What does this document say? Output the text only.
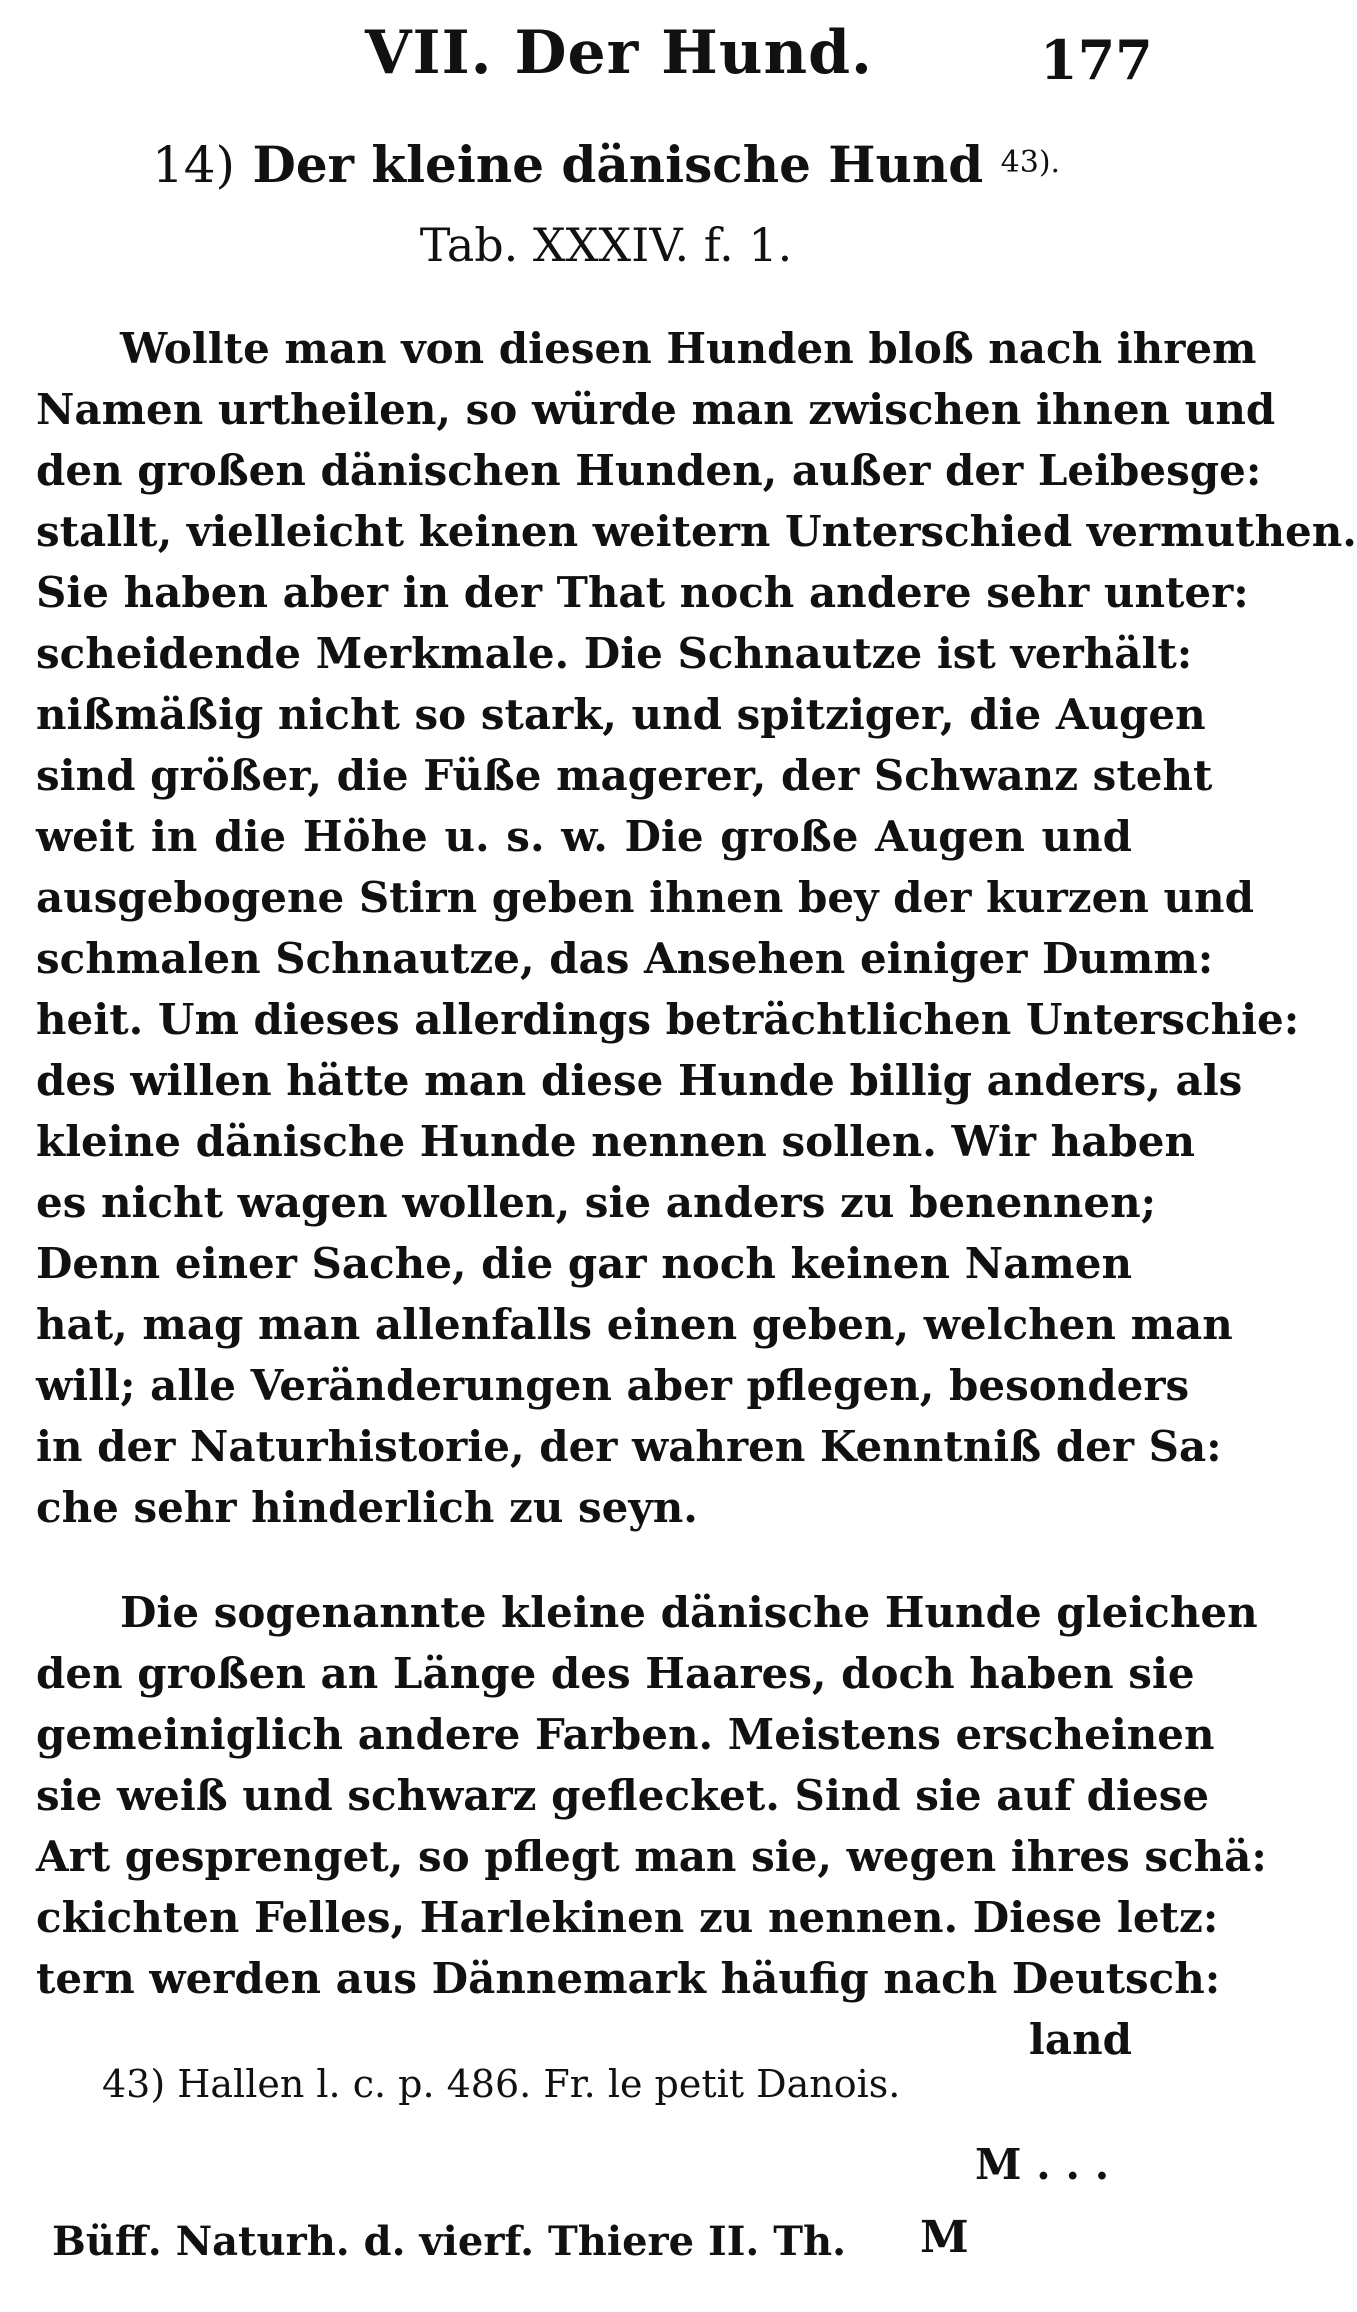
VII. Der Hund.	177
14) Der kleine dänische Hund $^{43).}$
Tab. XXXIV. f. 1.
Wollte man von diesen Hunden bloß nach ihrem
Namen urtheilen, so würde man zwischen ihnen und
den großen dänischen Hunden, außer der Leibesge:
stallt, vielleicht keinen weitern Unterschied vermuthen.
Sie haben aber in der That noch andere sehr unter:
scheidende Merkmale. Die Schnautze ist verhält:
nißmäßig nicht so stark, und spitziger, die Augen
sind größer, die Füße magerer, der Schwanz steht
weit in die Höhe u. s. w. Die große Augen und
ausgebogene Stirn geben ihnen bey der kurzen und
schmalen Schnautze, das Ansehen einiger Dumm:
heit. Um dieses allerdings beträchtlichen Unterschie:
des willen hätte man diese Hunde billig anders, als
kleine dänische Hunde nennen sollen. Wir haben
es nicht wagen wollen, sie anders zu benennen;
Denn einer Sache, die gar noch keinen Namen
hat, mag man allenfalls einen geben, welchen man
will; alle Veränderungen aber pflegen, besonders
in der Naturhistorie, der wahren Kenntniß der Sa:
che sehr hinderlich zu seyn.
Die sogenannte kleine dänische Hunde gleichen
den großen an Länge des Haares, doch haben sie
gemeiniglich andere Farben. Meistens erscheinen
sie weiß und schwarz geflecket. Sind sie auf diese
Art gesprenget, so pflegt man sie, wegen ihres schä:
ckichten Felles, Harlekinen zu nennen. Diese letz:
tern werden aus Dännemark häufig nach Deutsch:
land
43) Hallen l. c. p. 486. Fr. le petit Danois.
M . . .
Büff. Naturh. d. vierf. Thiere II. Th. M
